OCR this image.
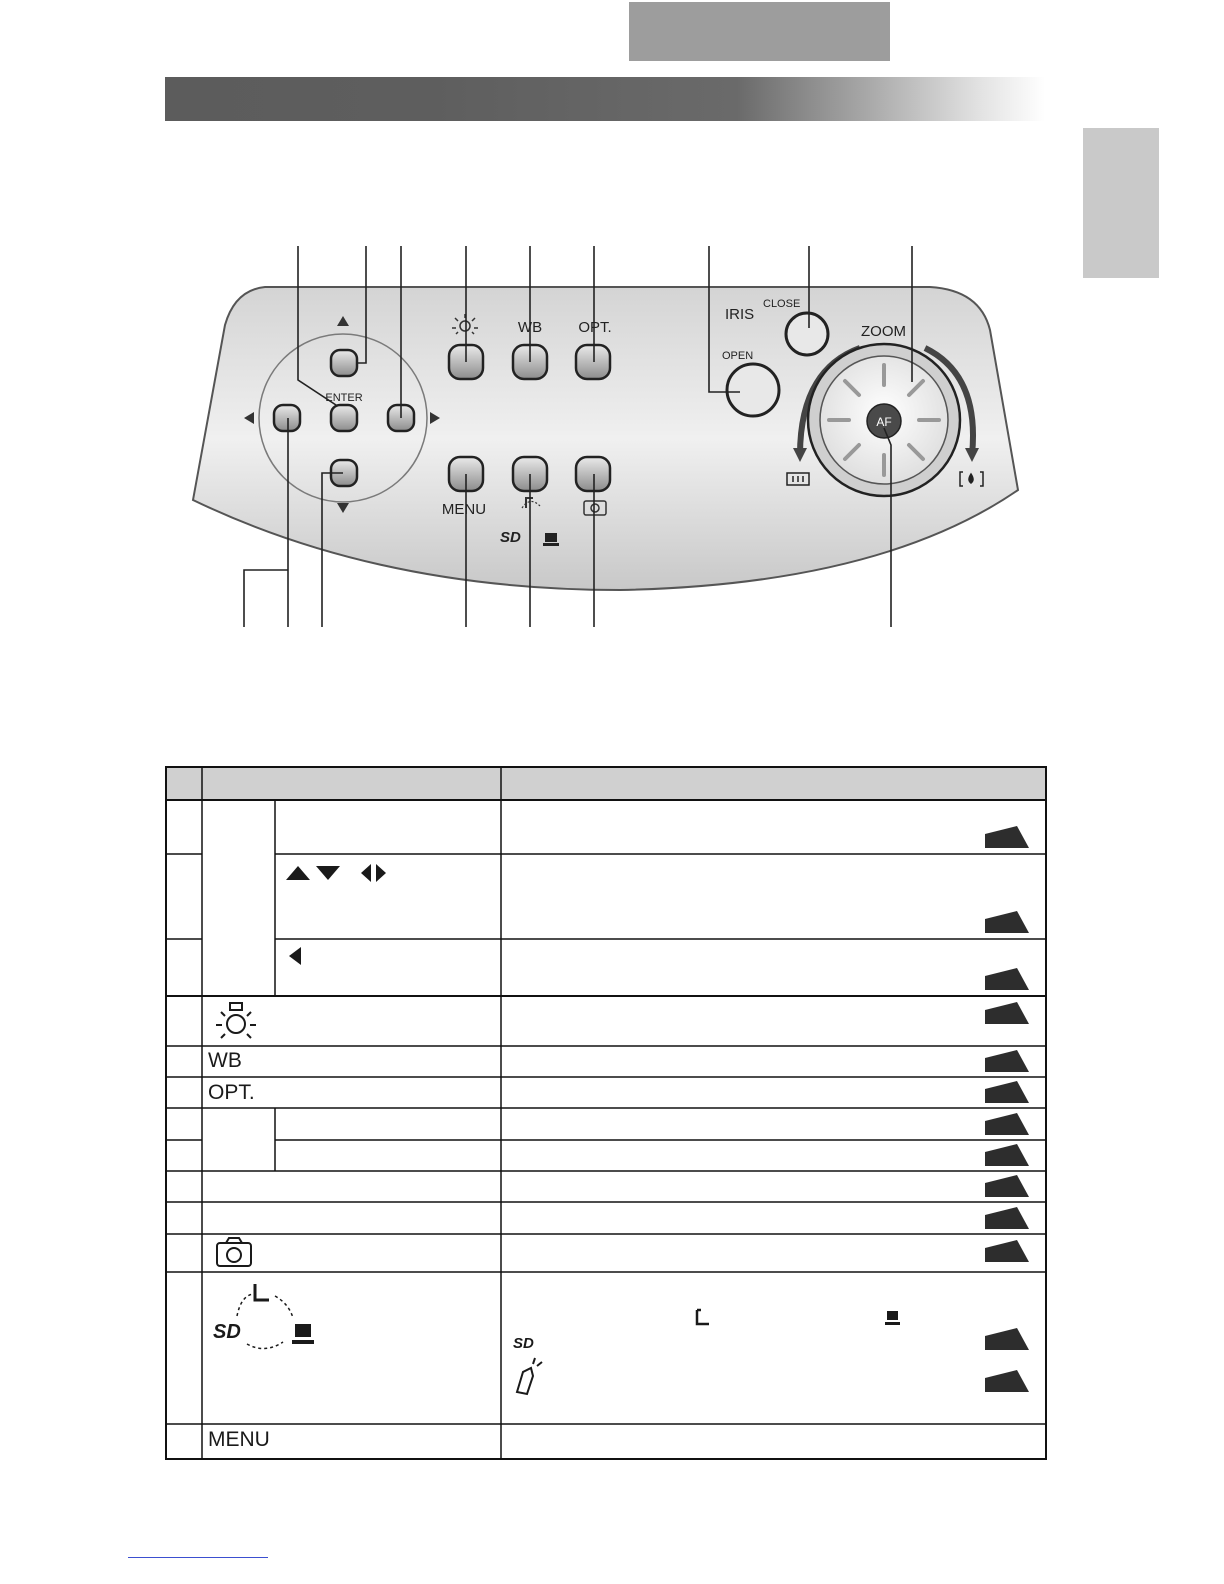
ENTER
WB OPT.
MENU
SD
IRIS
CLOSE
OPEN
ZOOM
AF
SD
SD
WB
OPT.
MENU
